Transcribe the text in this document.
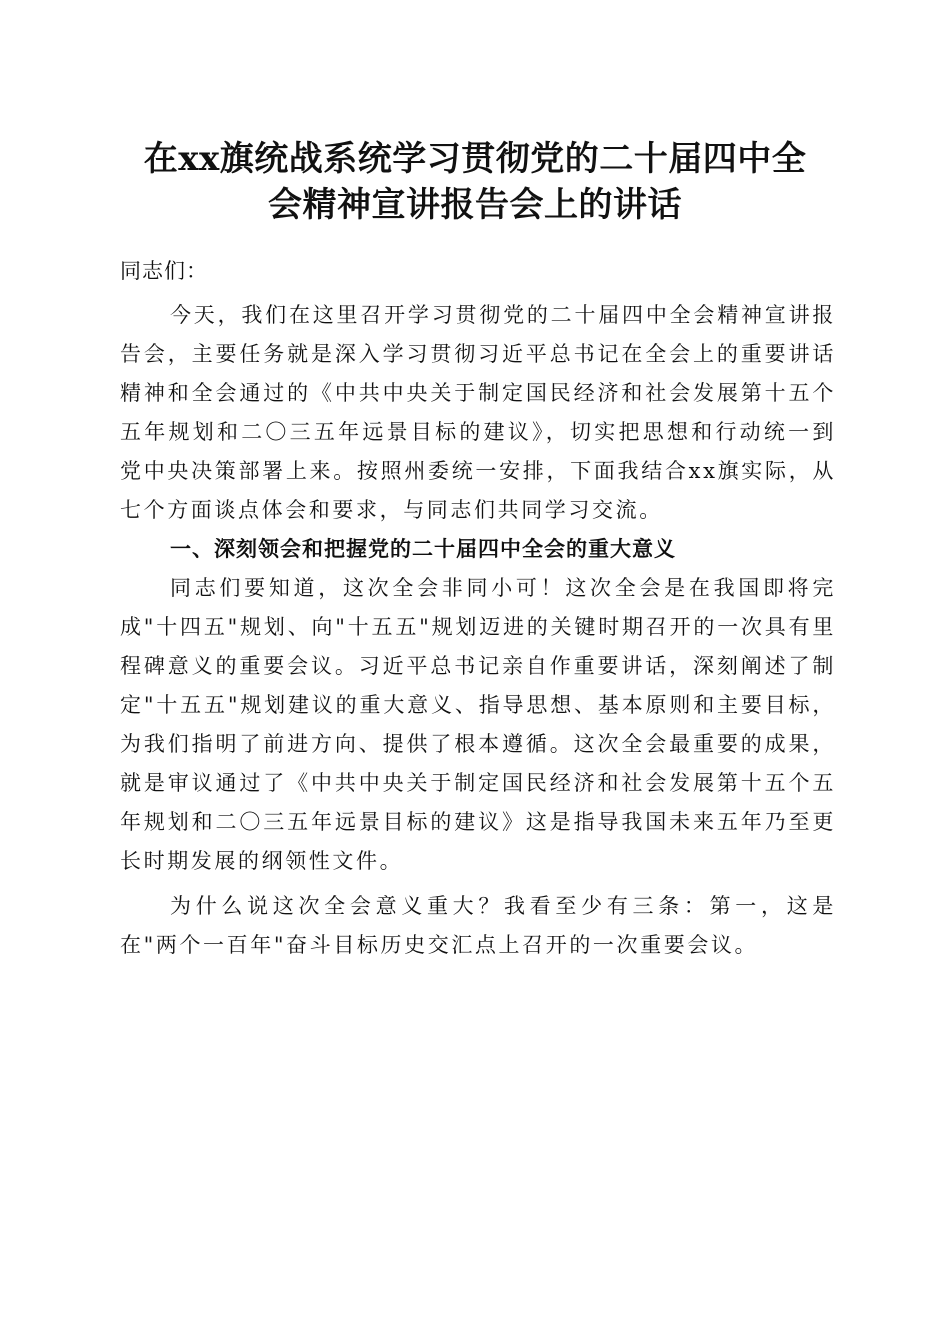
在xx旗统战系统学习贯彻党的二十届四中全
会精神宣讲报告会上的讲话

同志们：

今天，我们在这里召开学习贯彻党的二十届四中全会精神宣讲报告会，主要任务就是深入学习贯彻习近平总书记在全会上的重要讲话精神和全会通过的《中共中央关于制定国民经济和社会发展第十五个五年规划和二〇三五年远景目标的建议》，切实把思想和行动统一到党中央决策部署上来。按照州委统一安排，下面我结合xx旗实际，从七个方面谈点体会和要求，与同志们共同学习交流。

一、深刻领会和把握党的二十届四中全会的重大意义

同志们要知道，这次全会非同小可！这次全会是在我国即将完成"十四五"规划、向"十五五"规划迈进的关键时期召开的一次具有里程碑意义的重要会议。习近平总书记亲自作重要讲话，深刻阐述了制定"十五五"规划建议的重大意义、指导思想、基本原则和主要目标，为我们指明了前进方向、提供了根本遵循。这次全会最重要的成果，就是审议通过了《中共中央关于制定国民经济和社会发展第十五个五年规划和二〇三五年远景目标的建议》这是指导我国未来五年乃至更长时期发展的纲领性文件。

为什么说这次全会意义重大？我看至少有三条：第一，这是在"两个一百年"奋斗目标历史交汇点上召开的一次重要会议。
